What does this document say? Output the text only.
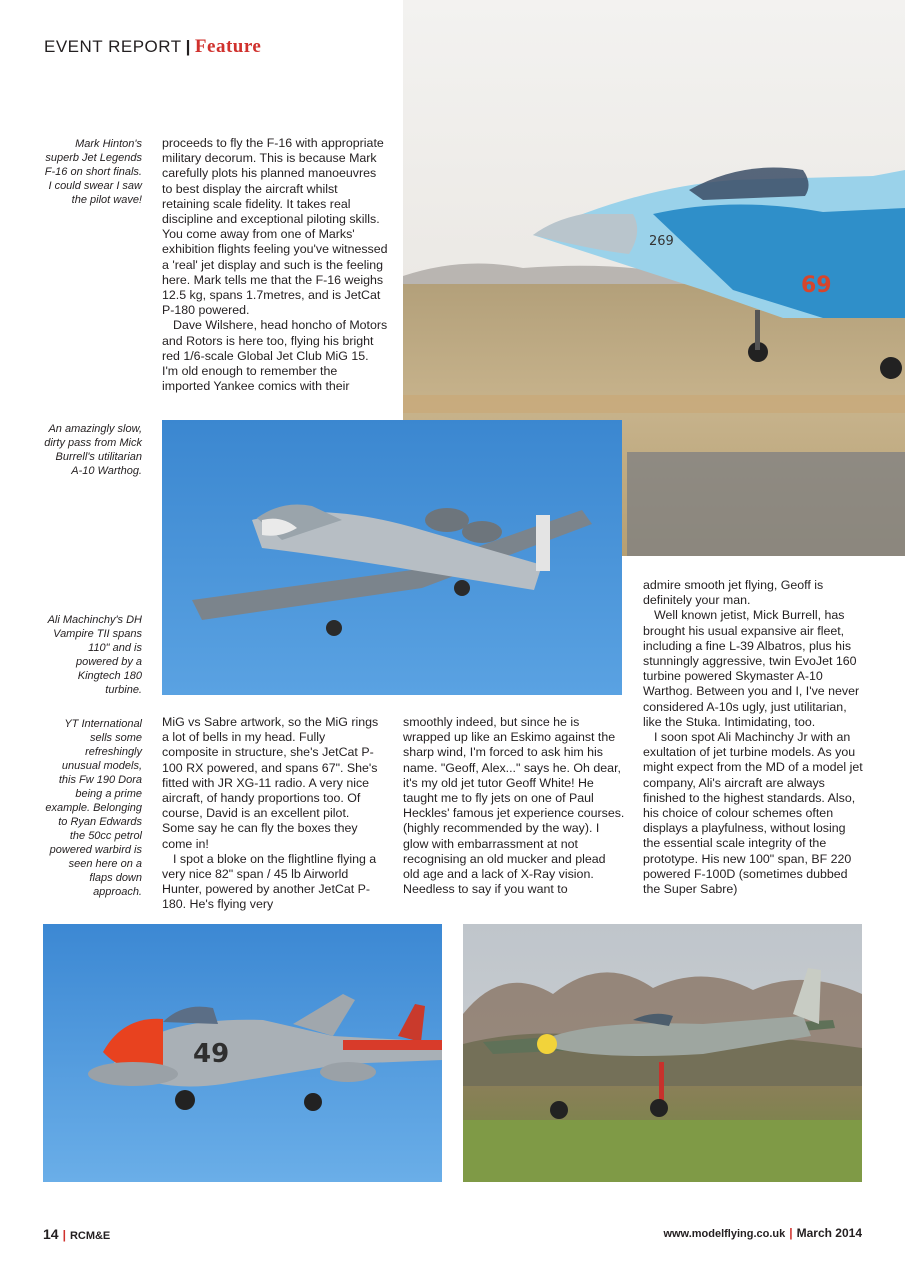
EVENT REPORT | Feature
269
69
Mark Hinton's superb Jet Legends F-16 on short finals. I could swear I saw the pilot wave!
An amazingly slow, dirty pass from Mick Burrell's utilitarian A-10 Warthog.
Ali Machinchy's DH Vampire TII spans 110" and is powered by a Kingtech 180 turbine.
YT International sells some refreshingly unusual models, this Fw 190 Dora being a prime example. Belonging to Ryan Edwards the 50cc petrol powered warbird is seen here on a flaps down approach.

proceeds to fly the F-16 with appropriate military decorum. This is because Mark carefully plots his planned manoeuvres to best display the aircraft whilst retaining scale fidelity. It takes real discipline and exceptional piloting skills. You come away from one of Marks' exhibition flights feeling you've witnessed a 'real' jet display and such is the feeling here. Mark tells me that the F-16 weighs 12.5 kg, spans 1.7metres, and is JetCat P-180 powered.

Dave Wilshere, head honcho of Motors and Rotors is here too, flying his bright red 1/6-scale Global Jet Club MiG 15. I'm old enough to remember the imported Yankee comics with their

MiG vs Sabre artwork, so the MiG rings a lot of bells in my head. Fully composite in structure, she's JetCat P-100 RX powered, and spans 67". She's fitted with JR XG-11 radio. A very nice aircraft, of handy proportions too. Of course, David is an excellent pilot. Some say he can fly the boxes they come in!

I spot a bloke on the flightline flying a very nice 82" span / 45 lb Airworld Hunter, powered by another JetCat P-180. He's flying very

smoothly indeed, but since he is wrapped up like an Eskimo against the sharp wind, I'm forced to ask him his name. "Geoff, Alex..." says he. Oh dear, it's my old jet tutor Geoff White! He taught me to fly jets on one of Paul Heckles' famous jet experience courses. (highly recommended by the way). I glow with embarrassment at not recognising an old mucker and plead old age and a lack of X-Ray vision. Needless to say if you want to

admire smooth jet flying, Geoff is definitely your man.

Well known jetist, Mick Burrell, has brought his usual expansive air fleet, including a fine L-39 Albatros, plus his stunningly aggressive, twin EvoJet 160 turbine powered Skymaster A-10 Warthog. Between you and I, I've never considered A-10s ugly, just utilitarian, like the Stuka. Intimidating, too.

I soon spot Ali Machinchy Jr with an exultation of jet turbine models. As you might expect from the MD of a model jet company, Ali's aircraft are always finished to the highest standards. Also, his choice of colour schemes often displays a playfulness, without losing the essential scale integrity of the prototype. His new 100" span, BF 220 powered F-100D (sometimes dubbed the Super Sabre)

49
14 | RCM&E	www.modelflying.co.uk | March 2014
